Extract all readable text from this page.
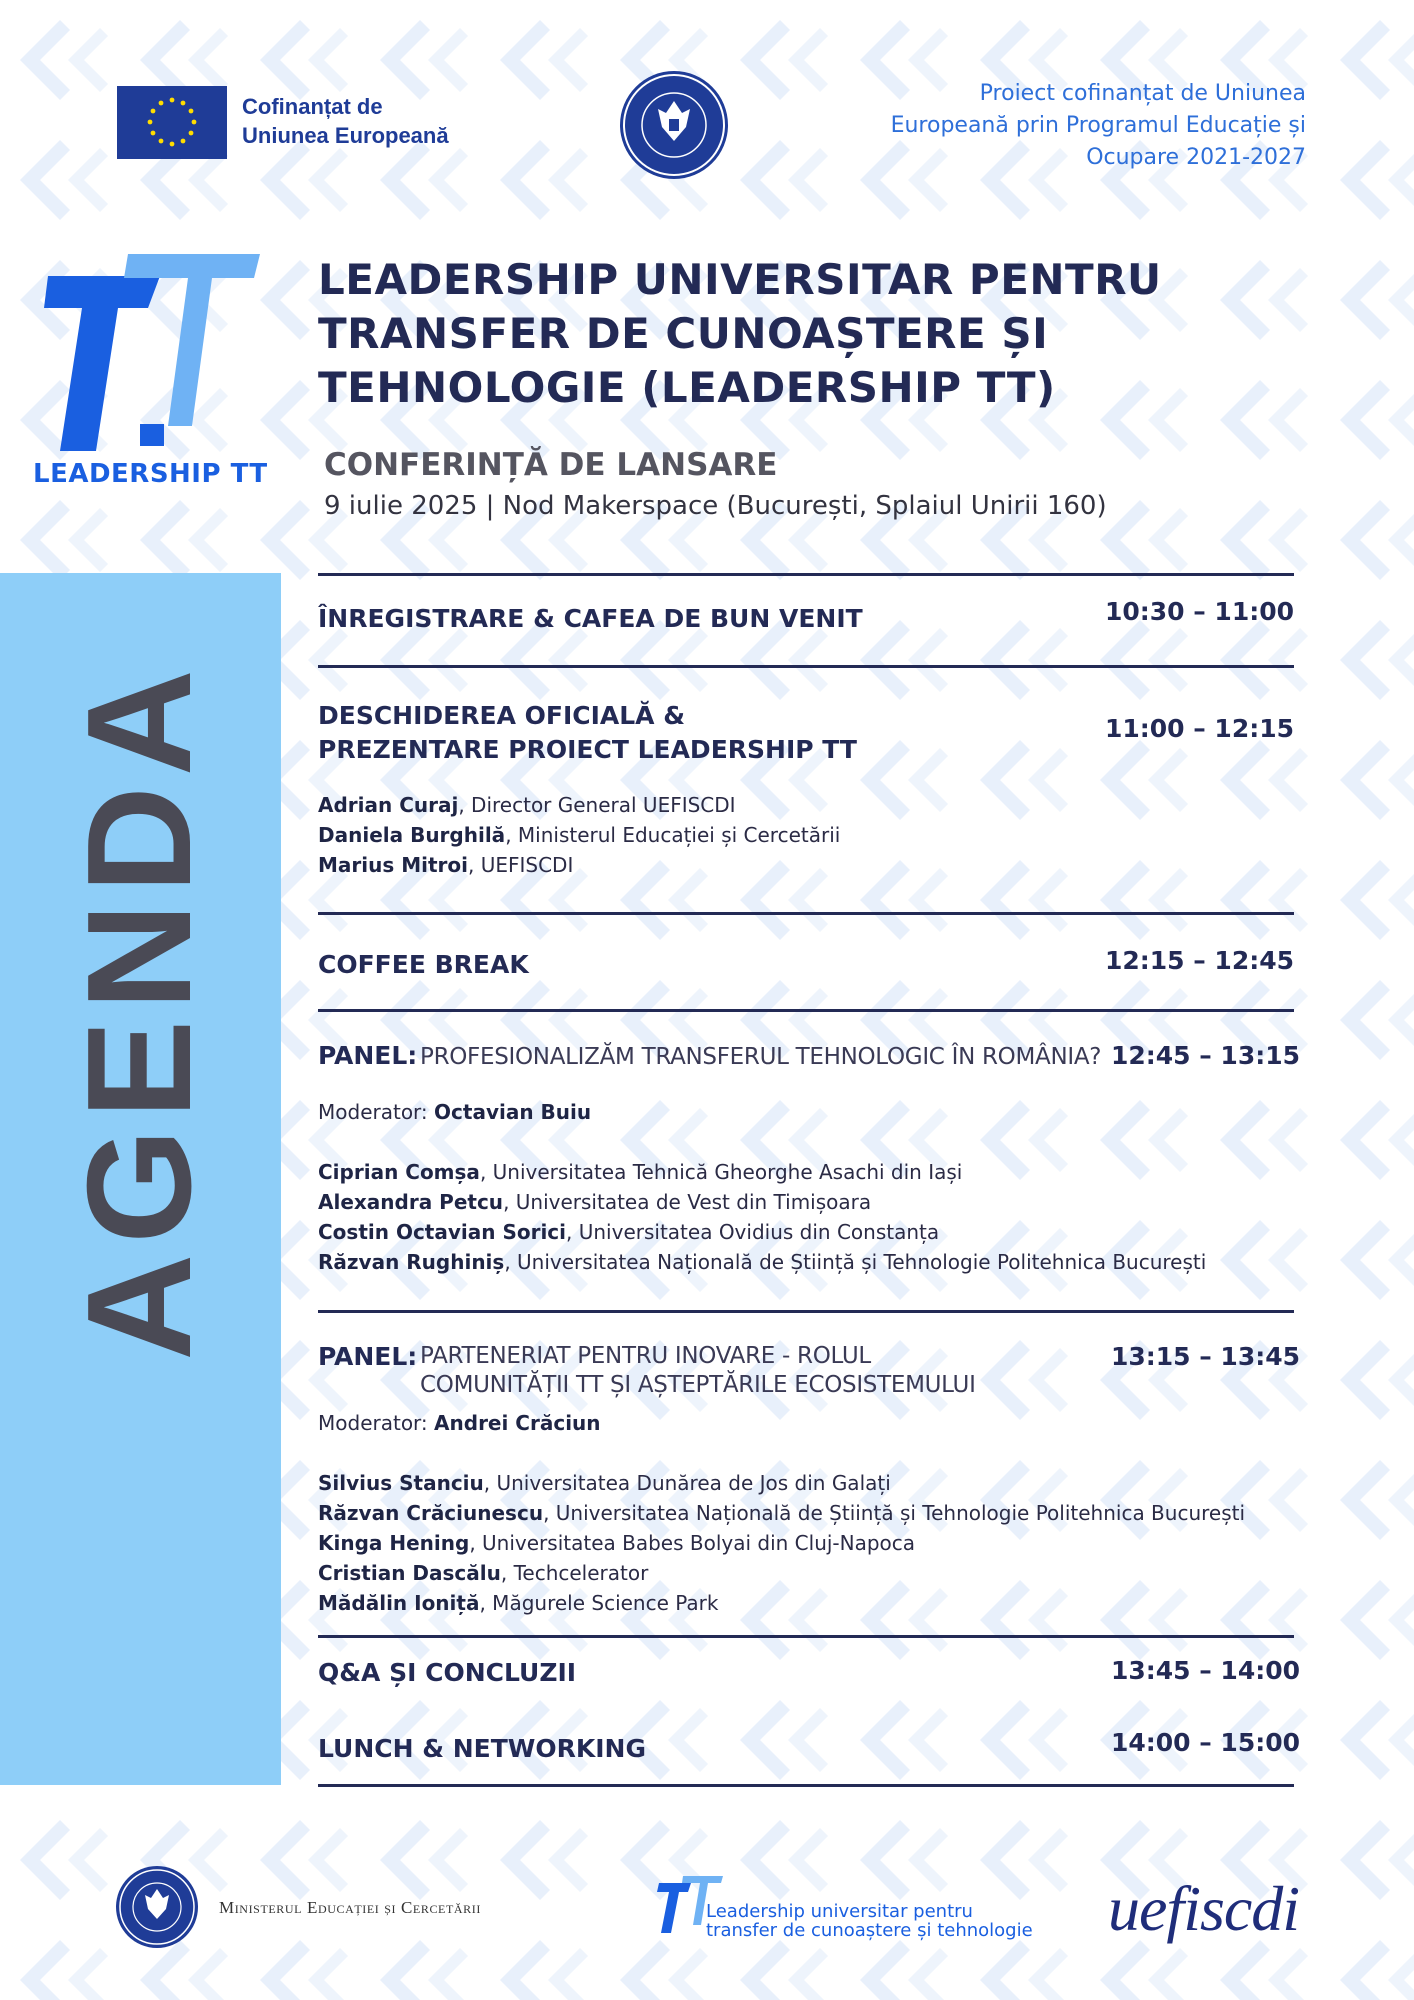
Cofinanțat de
Uniunea Europeană
Proiect cofinanțat de Uniunea
Europeană prin Programul Educație și
Ocupare 2021-2027
LEADERSHIP TT
LEADERSHIP UNIVERSITAR PENTRU
TRANSFER DE CUNOAȘTERE ȘI
TEHNOLOGIE (LEADERSHIP TT)
CONFERINȚĂ DE LANSARE
9 iulie 2025 | Nod Makerspace (București, Splaiul Unirii 160)
AGENDA
ÎNREGISTRARE & CAFEA DE BUN VENIT	10:30 – 11:00
DESCHIDEREA OFICIALĂ &
PREZENTARE PROIECT LEADERSHIP TT
11:00 – 12:15
Adrian Curaj, Director General UEFISCDI
Daniela Burghilă, Ministerul Educației și Cercetării
Marius Mitroi, UEFISCDI
COFFEE BREAK	12:15 – 12:45
PANEL: PROFESIONALIZĂM TRANSFERUL TEHNOLOGIC ÎN ROMÂNIA? 12:45 – 13:15
Moderator: Octavian Buiu
Ciprian Comșa, Universitatea Tehnică Gheorghe Asachi din Iași
Alexandra Petcu, Universitatea de Vest din Timișoara
Costin Octavian Sorici, Universitatea Ovidius din Constanța
Răzvan Rughiniș, Universitatea Națională de Știință și Tehnologie Politehnica București
PANEL: PARTENERIAT PENTRU INOVARE - ROLUL
COMUNITĂȚII TT ȘI AȘTEPTĂRILE ECOSISTEMULUI
13:15 – 13:45
Moderator: Andrei Crăciun
Silvius Stanciu, Universitatea Dunărea de Jos din Galați
Răzvan Crăciunescu, Universitatea Națională de Știință și Tehnologie Politehnica București
Kinga Hening, Universitatea Babes Bolyai din Cluj-Napoca
Cristian Dascălu, Techcelerator
Mădălin Ioniță, Măgurele Science Park
Q&A ȘI CONCLUZII	13:45 – 14:00
LUNCH & NETWORKING	14:00 – 15:00
Ministerul Educației și Cercetării	Leadership universitar pentru
transfer de cunoaștere și tehnologie uefiscdi
